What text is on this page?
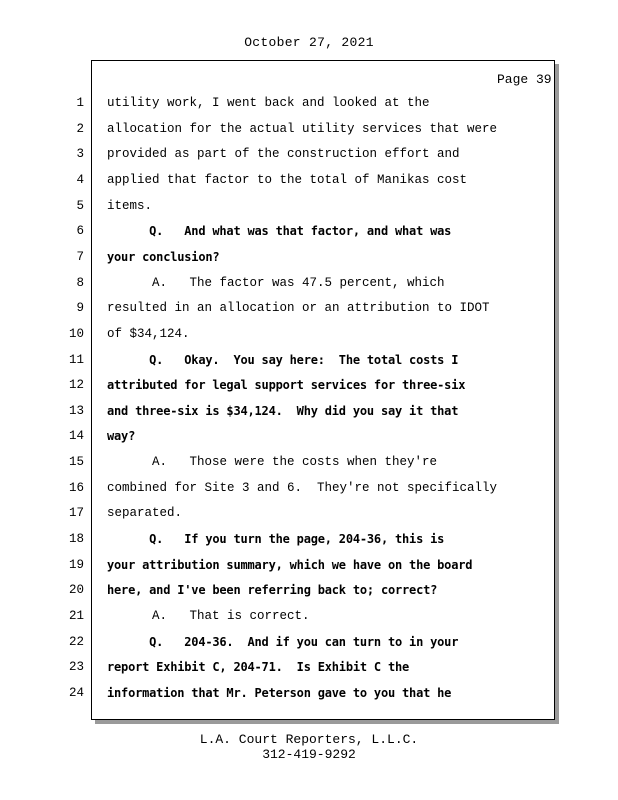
October 27, 2021
Page 39
1 utility work, I went back and looked at the
2 allocation for the actual utility services that were
3 provided as part of the construction effort and
4 applied that factor to the total of Manikas cost
5 items.
6 Q.   And what was that factor, and what was
7 your conclusion?
8 A.   The factor was 47.5 percent, which
9 resulted in an allocation or an attribution to IDOT
10 of $34,124.
11 Q.   Okay.  You say here:  The total costs I
12 attributed for legal support services for three-six
13 and three-six is $34,124.  Why did you say it that
14 way?
15 A.   Those were the costs when they're
16 combined for Site 3 and 6.  They're not specifically
17 separated.
18 Q.   If you turn the page, 204-36, this is
19 your attribution summary, which we have on the board
20 here, and I've been referring back to; correct?
21 A.   That is correct.
22 Q.   204-36.  And if you can turn to in your
23 report Exhibit C, 204-71.  Is Exhibit C the
24 information that Mr. Peterson gave to you that he
L.A. Court Reporters, L.L.C.
312-419-9292
